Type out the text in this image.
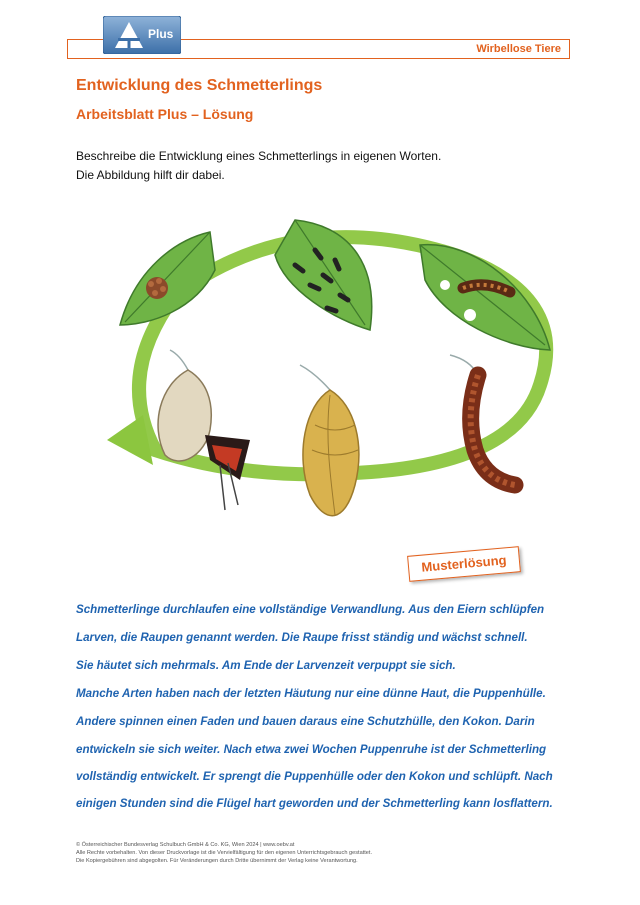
Wirbellose Tiere
Plus
Entwicklung des Schmetterlings
Arbeitsblatt Plus – Lösung
Beschreibe die Entwicklung eines Schmetterlings in eigenen Worten.
Die Abbildung hilft dir dabei.
Musterlösung
Schmetterlinge durchlaufen eine vollständige Verwandlung. Aus den Eiern schlüpfen
Larven, die Raupen genannt werden. Die Raupe frisst ständig und wächst schnell.
Sie häutet sich mehrmals. Am Ende der Larvenzeit verpuppt sie sich.
Manche Arten haben nach der letzten Häutung nur eine dünne Haut, die Puppenhülle.
Andere spinnen einen Faden und bauen daraus eine Schutzhülle, den Kokon. Darin
entwickeln sie sich weiter. Nach etwa zwei Wochen Puppenruhe ist der Schmetterling
vollständig entwickelt. Er sprengt die Puppenhülle oder den Kokon und schlüpft. Nach
einigen Stunden sind die Flügel hart geworden und der Schmetterling kann losflattern.
© Österreichischer Bundesverlag Schulbuch GmbH & Co. KG, Wien 2024 | www.oebv.at
Alle Rechte vorbehalten. Von dieser Druckvorlage ist die Vervielfältigung für den eigenen Unterrichtsgebrauch gestattet.
Die Kopiergebühren sind abgegolten. Für Veränderungen durch Dritte übernimmt der Verlag keine Verantwortung.
